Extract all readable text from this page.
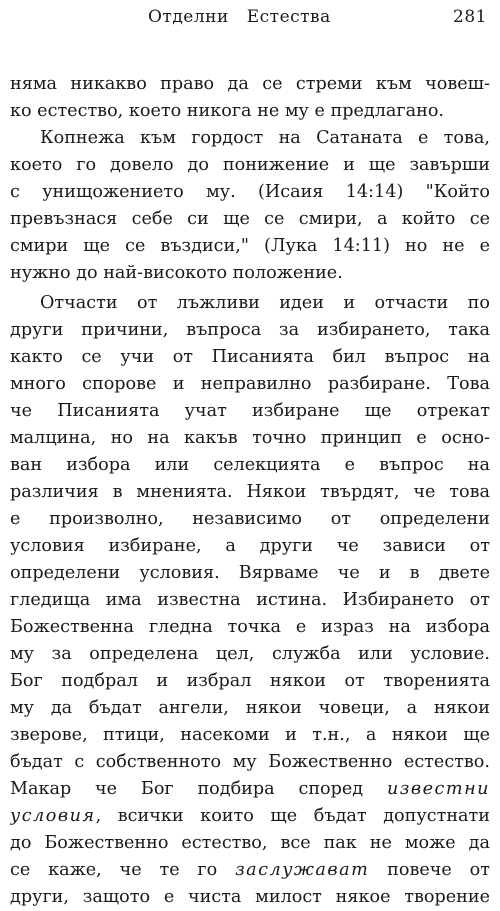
Отделни Естества	281
няма никакво право да се стреми към човеш-
ко естество, което никога не му е предлагано.
Копнежа към гордост на Сатаната е това,
което го довело до понижение и ще завърши
с унищожението му. (Исаия 14:14) "Който
превъзнася себе си ще се смири, а който се
смири ще се въздиси," (Лука 14:11) но не е
нужно до най-високото положение.
Отчасти от лъжливи идеи и отчасти по
други причини, въпроса за избирането, така
както се учи от Писанията бил въпрос на
много спорове и неправилно разбиране. Това
че Писанията учат избиране ще отрекат
малцина, но на какъв точно принцип е осно-
ван избора или селекцията е въпрос на
различия в мненията. Някои твърдят, че това
е произволно, независимо от определени
условия избиране, а други че зависи от
определени условия. Вярваме че и в двете
гледища има известна истина. Избирането от
Божественна гледна точка е израз на избора
му за определена цел, служба или условие.
Бог подбрал и избрал някои от творенията
му да бъдат ангели, някои човеци, а някои
зверове, птици, насекоми и т.н., а някои ще
бъдат с собственното му Божественно естество.
Макар че Бог подбира според известни
условия, всички които ще бъдат допустнати
до Божественно естество, все пак не може да
се каже, че те го заслужават повече от
други, защото е чиста милост някое творение
